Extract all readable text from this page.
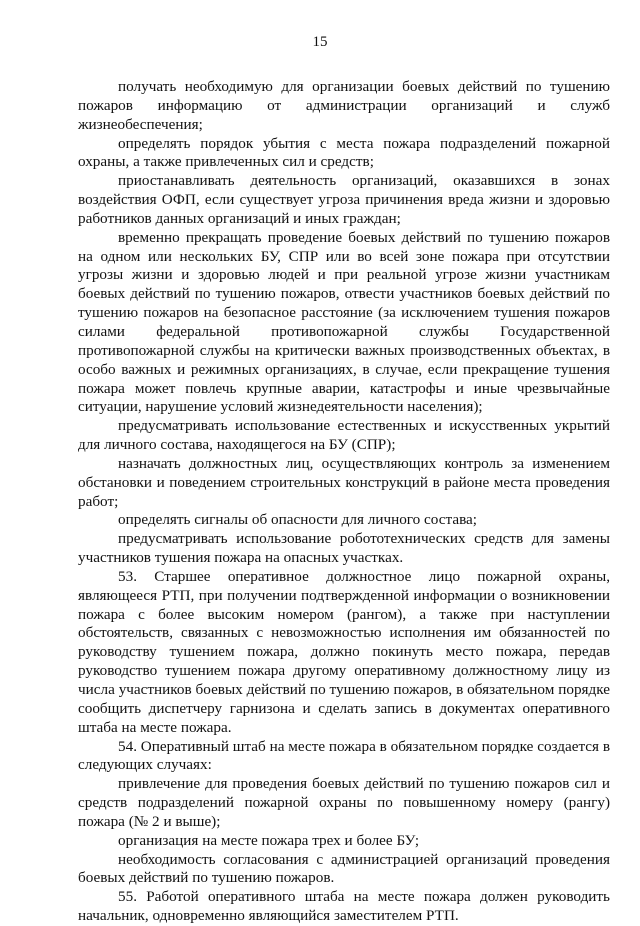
15

получать необходимую для организации боевых действий по тушению пожаров информацию от администрации организаций и служб жизнеобеспечения;

определять порядок убытия с места пожара подразделений пожарной охраны, а также привлеченных сил и средств;

приостанавливать деятельность организаций, оказавшихся в зонах воздействия ОФП, если существует угроза причинения вреда жизни и здоровью работников данных организаций и иных граждан;

временно прекращать проведение боевых действий по тушению пожаров на одном или нескольких БУ, СПР или во всей зоне пожара при отсутствии угрозы жизни и здоровью людей и при реальной угрозе жизни участникам боевых действий по тушению пожаров, отвести участников боевых действий по тушению пожаров на безопасное расстояние (за исключением тушения пожаров силами федеральной противопожарной службы Государственной противопожарной службы на критически важных производственных объектах, в особо важных и режимных организациях, в случае, если прекращение тушения пожара может повлечь крупные аварии, катастрофы и иные чрезвычайные ситуации, нарушение условий жизнедеятельности населения);

предусматривать использование естественных и искусственных укрытий для личного состава, находящегося на БУ (СПР);

назначать должностных лиц, осуществляющих контроль за изменением обстановки и поведением строительных конструкций в районе места проведения работ;

определять сигналы об опасности для личного состава;

предусматривать использование робототехнических средств для замены участников тушения пожара на опасных участках.

53. Старшее оперативное должностное лицо пожарной охраны, являющееся РТП, при получении подтвержденной информации о возникновении пожара с более высоким номером (рангом), а также при наступлении обстоятельств, связанных с невозможностью исполнения им обязанностей по руководству тушением пожара, должно покинуть место пожара, передав руководство тушением пожара другому оперативному должностному лицу из числа участников боевых действий по тушению пожаров, в обязательном порядке сообщить диспетчеру гарнизона и сделать запись в документах оперативного штаба на месте пожара.

54. Оперативный штаб на месте пожара в обязательном порядке создается в следующих случаях:

привлечение для проведения боевых действий по тушению пожаров сил и средств подразделений пожарной охраны по повышенному номеру (рангу) пожара (№ 2 и выше);

организация на месте пожара трех и более БУ;

необходимость согласования с администрацией организаций проведения боевых действий по тушению пожаров.

55. Работой оперативного штаба на месте пожара должен руководить начальник, одновременно являющийся заместителем РТП.
